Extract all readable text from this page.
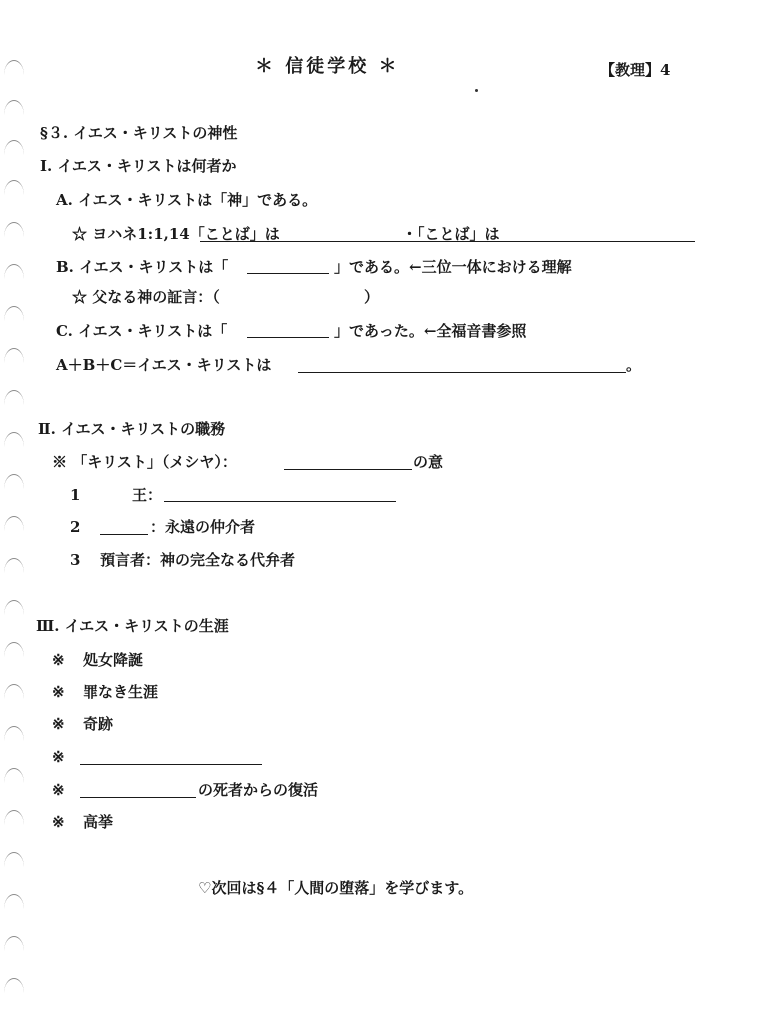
＊ 信徒学校 ＊	【教理】4
§３. イエス・キリストの神性
Ⅰ. イエス・キリストは何者か
A. イエス・キリストは「神」である。
☆ ヨハネ1:1,14「ことば」は	・「ことば」は
B. イエス・キリストは「	」である。←三位一体における理解
☆ 父なる神の証言：（	）
C. イエス・キリストは「	」であった。←全福音書参照
A＋B＋C＝イエス・キリストは	。
Ⅱ. イエス・キリストの職務
※ 「キリスト」（メシヤ）：	の意
1	王：
2	：永遠の仲介者
3 預言者：神の完全なる代弁者
Ⅲ. イエス・キリストの生涯
※ 処女降誕
※ 罪なき生涯
※ 奇跡
※
※	の死者からの復活
※ 高挙
♡次回は§４「人間の堕落」を学びます。
